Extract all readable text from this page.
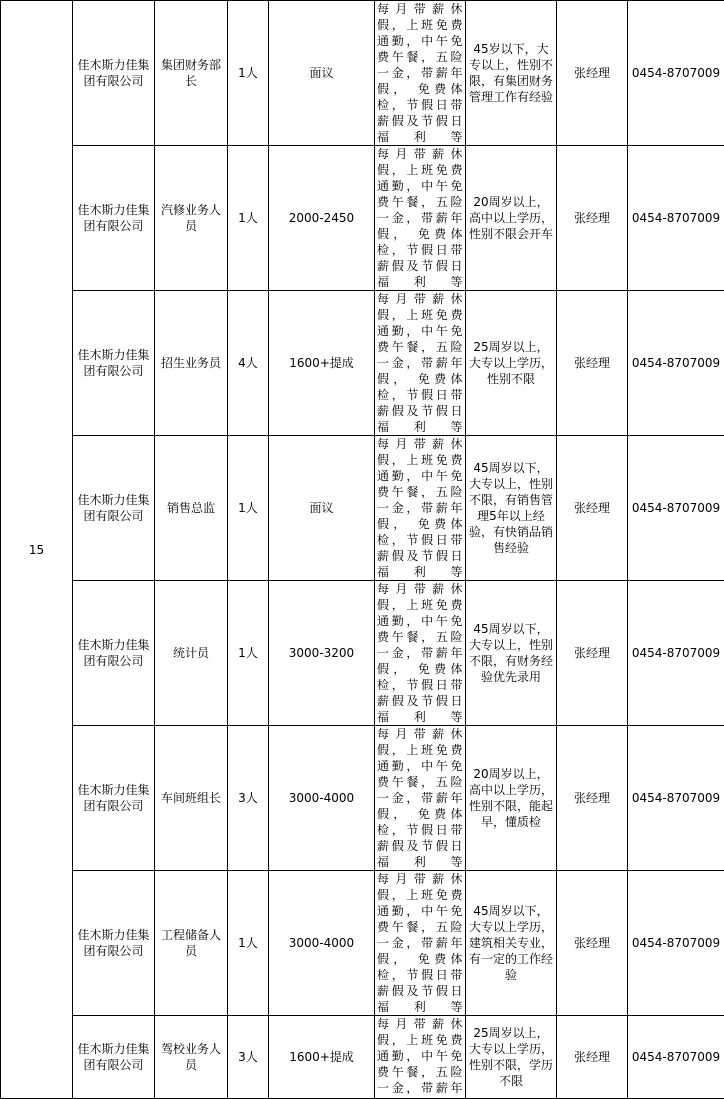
15	佳木斯力佳集团有限公司	集团财务部长	1人	面议	每月带薪休假，上班免费通勤，中午免费午餐，五险一金，带薪年假， 免费体检，节假日带薪假及节假日福利等	45岁以下，大专以上，性别不限，有集团财务管理工作有经验	张经理	0454-8707009

	佳木斯力佳集团有限公司	汽修业务人员	1人	2000-2450	每月带薪休假，上班免费通勤，中午免费午餐，五险一金，带薪年假， 免费体检，节假日带薪假及节假日福利等	20周岁以上，高中以上学历，性别不限会开车	张经理	0454-8707009

	佳木斯力佳集团有限公司	招生业务员	4人	1600+提成	每月带薪休假，上班免费通勤，中午免费午餐，五险一金，带薪年假， 免费体检，节假日带薪假及节假日福利等	25周岁以上，大专以上学历，性别不限	张经理	0454-8707009

	佳木斯力佳集团有限公司	销售总监	1人	面议	每月带薪休假，上班免费通勤，中午免费午餐，五险一金，带薪年假， 免费体检，节假日带薪假及节假日福利等	45周岁以下，大专以上，性别不限，有销售管理5年以上经验，有快销品销售经验	张经理	0454-8707009

	佳木斯力佳集团有限公司	统计员	1人	3000-3200	每月带薪休假，上班免费通勤，中午免费午餐，五险一金，带薪年假， 免费体检，节假日带薪假及节假日福利等	45周岁以下，大专以上，性别不限，有财务经验优先录用	张经理	0454-8707009

	佳木斯力佳集团有限公司	车间班组长	3人	3000-4000	每月带薪休假，上班免费通勤，中午免费午餐，五险一金，带薪年假， 免费体检，节假日带薪假及节假日福利等	20周岁以上，高中以上学历，性别不限，能起早，懂质检	张经理	0454-8707009

	佳木斯力佳集团有限公司	工程储备人员	1人	3000-4000	每月带薪休假，上班免费通勤，中午免费午餐，五险一金，带薪年假， 免费体检，节假日带薪假及节假日福利等	45周岁以下，大专以上学历，建筑相关专业，有一定的工作经验	张经理	0454-8707009

	佳木斯力佳集团有限公司	驾校业务人员	3人	1600+提成	每月带薪休假，上班免费通勤，中午免费午餐，五险一金，带薪年	25周岁以上，大专以上学历，性别不限，学历不限	张经理	0454-8707009
